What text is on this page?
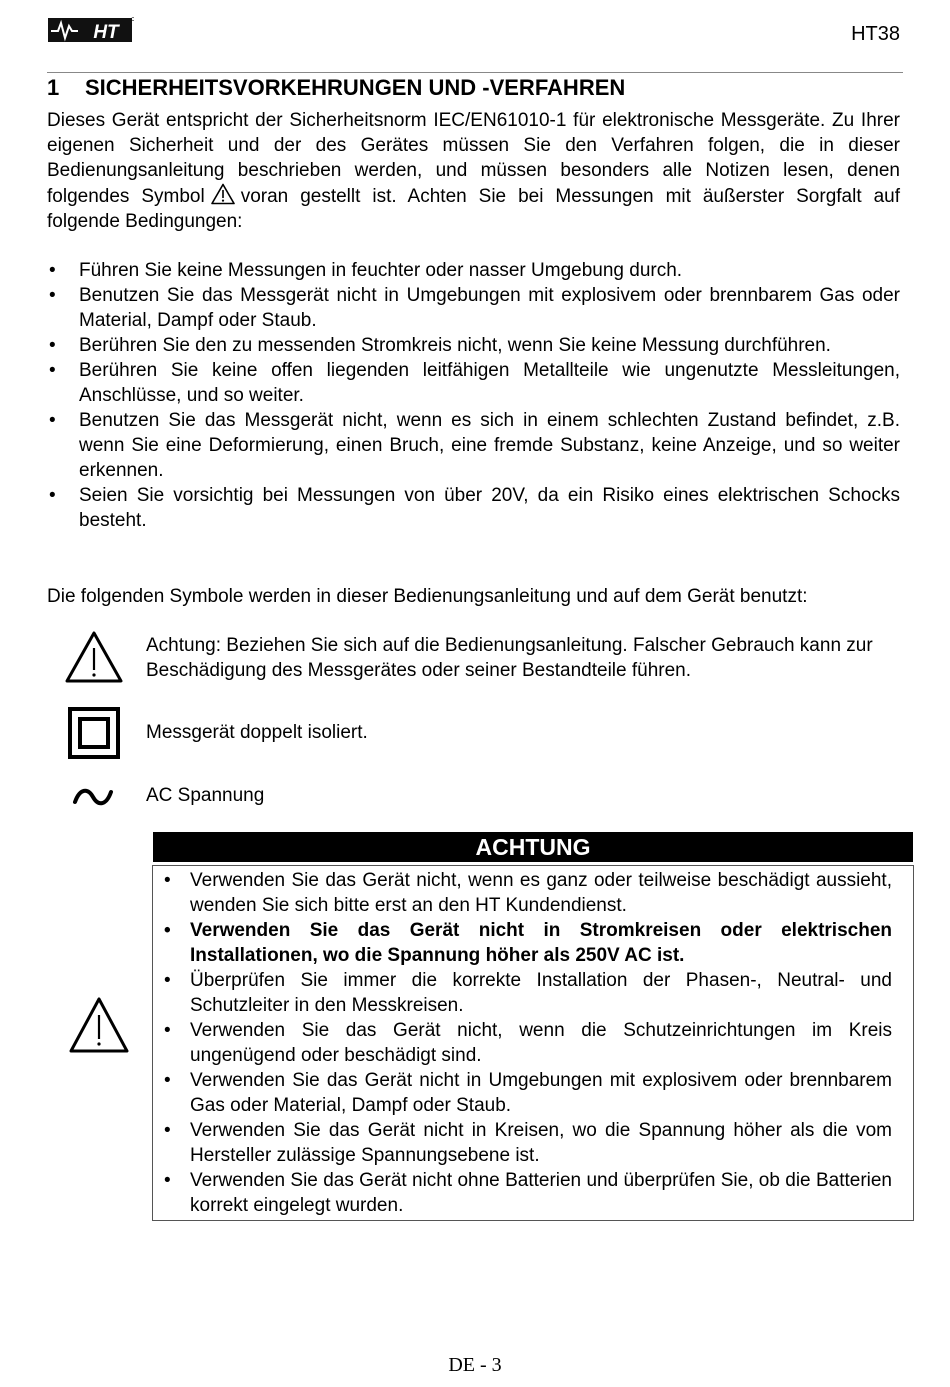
HT	HT38
1 SICHERHEITSVORKEHRUNGEN UND -VERFAHREN
Dieses Gerät entspricht der Sicherheitsnorm IEC/EN61010-1 für elektronische Messgeräte. Zu Ihrer eigenen Sicherheit und der des Gerätes müssen Sie den Verfahren folgen, die in dieser Bedienungsanleitung beschrieben werden, und müssen besonders alle Notizen lesen, denen folgendes Symbol voran gestellt ist. Achten Sie bei Messungen mit äußerster Sorgfalt auf folgende Bedingungen:
• Führen Sie keine Messungen in feuchter oder nasser Umgebung durch.
• Benutzen Sie das Messgerät nicht in Umgebungen mit explosivem oder brennbarem Gas oder Material, Dampf oder Staub.
• Berühren Sie den zu messenden Stromkreis nicht, wenn Sie keine Messung durchführen.
• Berühren Sie keine offen liegenden leitfähigen Metallteile wie ungenutzte Messleitungen, Anschlüsse, und so weiter.
• Benutzen Sie das Messgerät nicht, wenn es sich in einem schlechten Zustand befindet, z.B. wenn Sie eine Deformierung, einen Bruch, eine fremde Substanz, keine Anzeige, und so weiter erkennen.
• Seien Sie vorsichtig bei Messungen von über 20V, da ein Risiko eines elektrischen Schocks besteht.
Die folgenden Symbole werden in dieser Bedienungsanleitung und auf dem Gerät benutzt:
Achtung: Beziehen Sie sich auf die Bedienungsanleitung. Falscher Gebrauch kann zur Beschädigung des Messgerätes oder seiner Bestandteile führen.
Messgerät doppelt isoliert.
AC Spannung
ACHTUNG
• Verwenden Sie das Gerät nicht, wenn es ganz oder teilweise beschädigt aussieht, wenden Sie sich bitte erst an den HT Kundendienst.
• Verwenden Sie das Gerät nicht in Stromkreisen oder elektrischen Installationen, wo die Spannung höher als 250V AC ist.
• Überprüfen Sie immer die korrekte Installation der Phasen-, Neutral- und Schutzleiter in den Messkreisen.
• Verwenden Sie das Gerät nicht, wenn die Schutzeinrichtungen im Kreis ungenügend oder beschädigt sind.
• Verwenden Sie das Gerät nicht in Umgebungen mit explosivem oder brennbarem Gas oder Material, Dampf oder Staub.
• Verwenden Sie das Gerät nicht in Kreisen, wo die Spannung höher als die vom Hersteller zulässige Spannungsebene ist.
• Verwenden Sie das Gerät nicht ohne Batterien und überprüfen Sie, ob die Batterien korrekt eingelegt wurden.
DE - 3
